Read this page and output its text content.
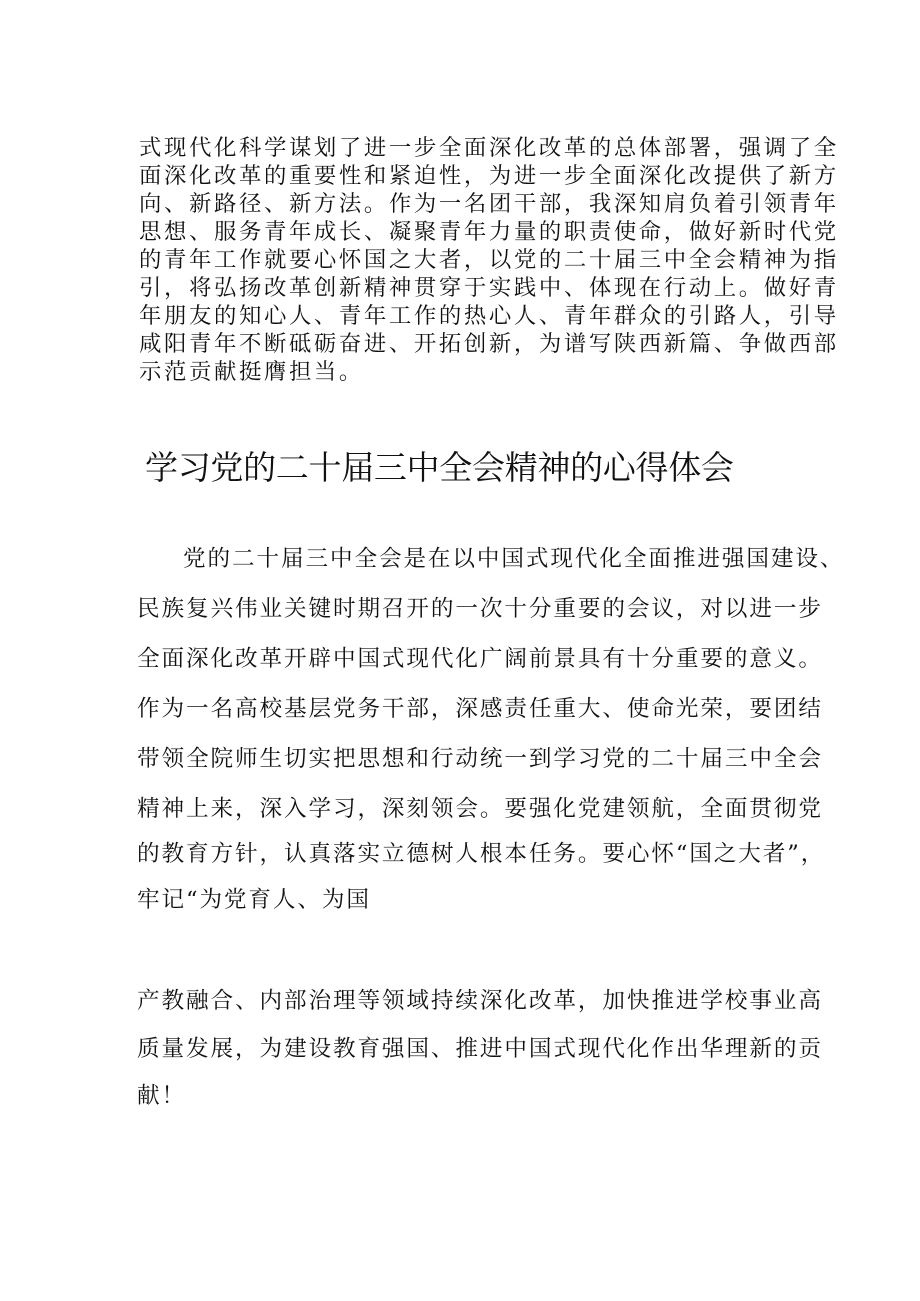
式现代化科学谋划了进一步全面深化改革的总体部署，强调了全
面深化改革的重要性和紧迫性，为进一步全面深化改提供了新方
向、新路径、新方法。作为一名团干部，我深知肩负着引领青年
思想、服务青年成长、凝聚青年力量的职责使命，做好新时代党
的青年工作就要心怀国之大者，以党的二十届三中全会精神为指
引，将弘扬改革创新精神贯穿于实践中、体现在行动上。做好青
年朋友的知心人、青年工作的热心人、青年群众的引路人，引导
咸阳青年不断砥砺奋进、开拓创新，为谱写陕西新篇、争做西部
示范贡献挺膺担当。
学习党的二十届三中全会精神的心得体会
党的二十届三中全会是在以中国式现代化全面推进强国建设、
民族复兴伟业关键时期召开的一次十分重要的会议，对以进一步
全面深化改革开辟中国式现代化广阔前景具有十分重要的意义。
作为一名高校基层党务干部，深感责任重大、使命光荣，要团结
带领全院师生切实把思想和行动统一到学习党的二十届三中全会
精神上来，深入学习，深刻领会。要强化党建领航，全面贯彻党
的教育方针，认真落实立德树人根本任务。要心怀“国之大者”，
牢记“为党育人、为国
产教融合、内部治理等领域持续深化改革，加快推进学校事业高
质量发展，为建设教育强国、推进中国式现代化作出华理新的贡
献！
